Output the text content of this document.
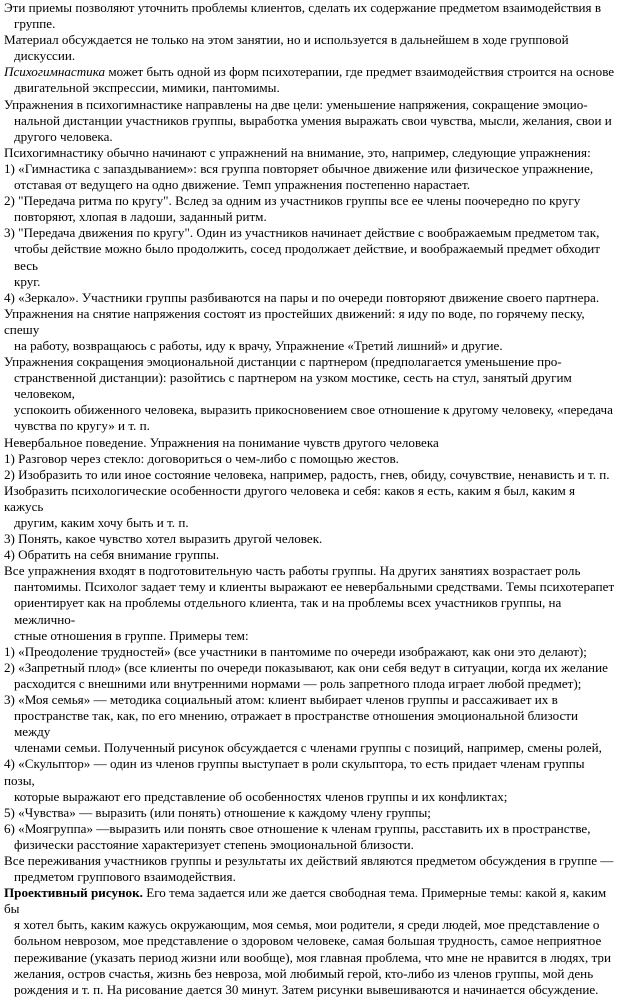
Эти приемы позволяют уточнить проблемы клиентов, сделать их содержание предметом взаимодействия в
группе.
Материал обсуждается не только на этом занятии, но и используется в дальнейшем в ходе групповой
дискуссии.
Психогимнастика может быть одной из форм психотерапии, где предмет взаимодействия строится на основе
двигательной экспрессии, мимики, пантомимы.
Упражнения в психогимнастике направлены на две цели: уменьшение напряжения, сокращение эмоцио-
нальной дистанции участников группы, выработка умения выражать свои чувства, мысли, желания, свои и
другого человека.
Психогимнастику обычно начинают с упражнений на внимание, это, например, следующие упражнения:
1) «Гимнастика с запаздыванием»: вся группа повторяет обычное движение или физическое упражнение,
отставая от ведущего на одно движение. Темп упражнения постепенно нарастает.
2) "Передача ритма по кругу". Вслед за одним из участников группы все ее члены поочередно по кругу
повторяют, хлопая в ладоши, заданный ритм.
3) "Передача движения по кругу". Один из участников начинает действие с воображаемым предметом так,
чтобы действие можно было продолжить, сосед продолжает действие, и воображаемый предмет обходит весь
круг.
4) «Зеркало». Участники группы разбиваются на пары и по очереди повторяют движение своего партнера.
Упражнения на снятие напряжения состоят из простейших движений: я иду по воде, по горячему песку, спешу
на работу, возвращаюсь с работы, иду к врачу, Упражнение «Третий лишний» и другие.
Упражнения сокращения эмоциональной дистанции с партнером (предполагается уменьшение про-
странственной дистанции): разойтись с партнером на узком мостике, сесть на стул, занятый другим человеком,
успокоить обиженного человека, выразить прикосновением свое отношение к другому человеку, «передача
чувства по кругу» и т. п.
Невербальное поведение. Упражнения на понимание чувств другого человека
1) Разговор через стекло: договориться о чем-либо с помощью жестов.
2) Изобразить то или иное состояние человека, например, радость, гнев, обиду, сочувствие, ненависть и т. п.
Изобразить психологические особенности другого человека и себя: каков я есть, каким я был, каким я кажусь
другим, каким хочу быть и т. п.
3) Понять, какое чувство хотел выразить другой человек.
4) Обратить на себя внимание группы.
Все упражнения входят в подготовительную часть работы группы. На других занятиях возрастает роль
пантомимы. Психолог задает тему и клиенты выражают ее невербальными средствами. Темы психотерапет
ориентирует как на проблемы отдельного клиента, так и на проблемы всех участников группы, на межлично-
стные отношения в группе. Примеры тем:
1) «Преодоление трудностей» (все участники в пантомиме по очереди изображают, как они это делают);
2) «Запретный плод» (все клиенты по очереди показывают, как они себя ведут в ситуации, когда их желание
расходится с внешними или внутренними нормами — роль запретного плода играет любой предмет);
3) «Моя семья» — методика социальный атом: клиент выбирает членов группы и рассаживает их в
пространстве так, как, по его мнению, отражает в пространстве отношения эмоциональной близости между
членами семьи. Полученный рисунок обсуждается с членами группы с позиций, например, смены ролей,
4) «Скульптор» — один из членов группы выступает в роли скульптора, то есть придает членам группы позы,
которые выражают его представление об особенностях членов группы и их конфликтах;
5) «Чувства» — выразить (или понять) отношение к каждому члену группы;
6) «Моягруппа» —выразить или понять свое отношение к членам группы, расставить их в пространстве,
физически расстояние характеризует степень эмоциональной близости.
Все переживания участников группы и результаты их действий являются предметом обсуждения в группе —
предметом группового взаимодействия.
Проективный рисунок. Его тема задается или же дается свободная тема. Примерные темы: какой я, каким бы
я хотел быть, каким кажусь окружающим, моя семья, мои родители, я среди людей, мое представление о
больном неврозом, мое представление о здоровом человеке, самая большая трудность, самое неприятное
переживание (указать период жизни или вообще), моя главная проблема, что мне не нравится в людях, три
желания, остров счастья, жизнь без невроза, мой любимый герой, кто-либо из членов группы, мой день
рождения и т. п. На рисование дается 30 минут. Затем рисунки вывешиваются и начинается обсуждение.
